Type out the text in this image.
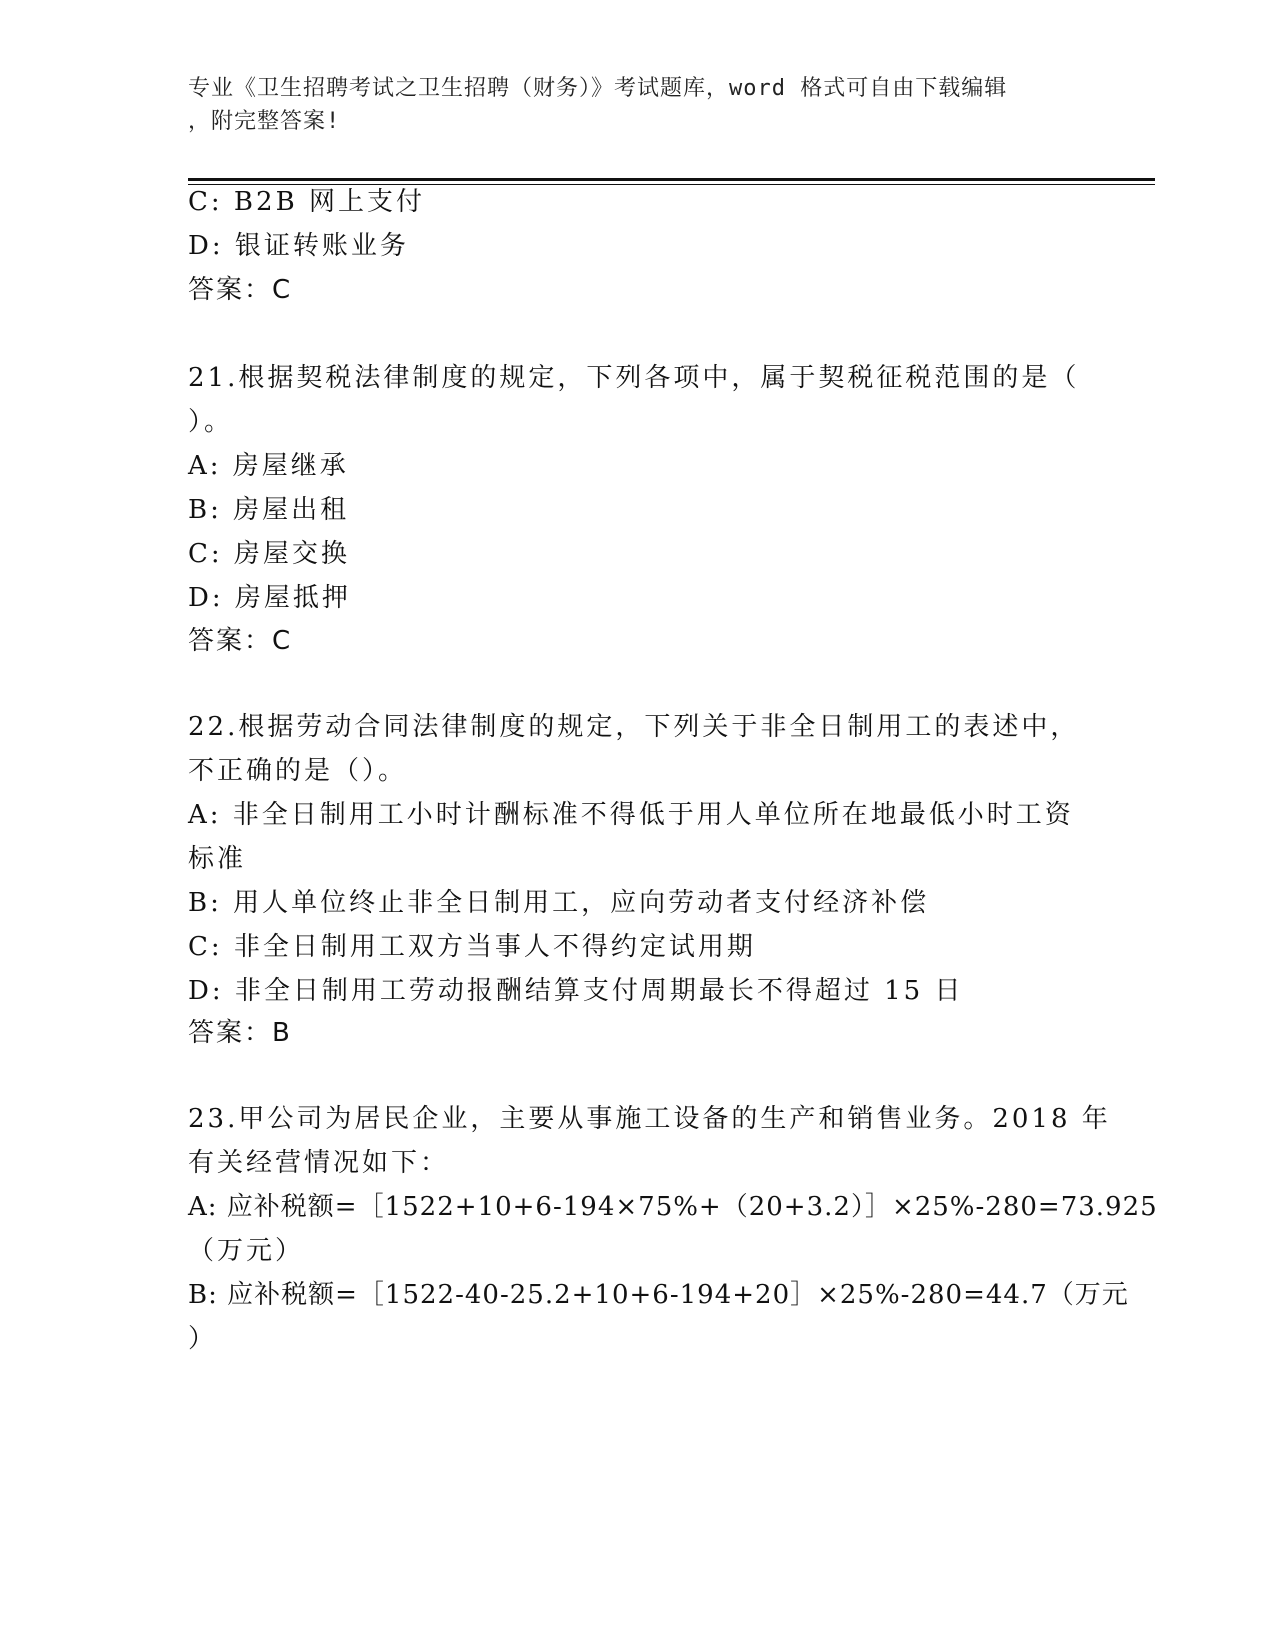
专业《卫生招聘考试之卫生招聘（财务）》考试题库，word 格式可自由下载编辑
，附完整答案!
C: B2B 网上支付
D: 银证转账业务
答案：C
21.根据契税法律制度的规定，下列各项中，属于契税征税范围的是（
）。
A: 房屋继承
B: 房屋出租
C: 房屋交换
D: 房屋抵押
答案：C
22.根据劳动合同法律制度的规定，下列关于非全日制用工的表述中，
不正确的是（）。
A: 非全日制用工小时计酬标准不得低于用人单位所在地最低小时工资
标准
B: 用人单位终止非全日制用工，应向劳动者支付经济补偿
C: 非全日制用工双方当事人不得约定试用期
D: 非全日制用工劳动报酬结算支付周期最长不得超过 15 日
答案：B
23.甲公司为居民企业，主要从事施工设备的生产和销售业务。2018 年
有关经营情况如下：
A: 应补税额=［1522+10+6-194×75%+（20+3.2）］×25%-280=73.925
（万元）
B: 应补税额=［1522-40-25.2+10+6-194+20］×25%-280=44.7（万元
）
